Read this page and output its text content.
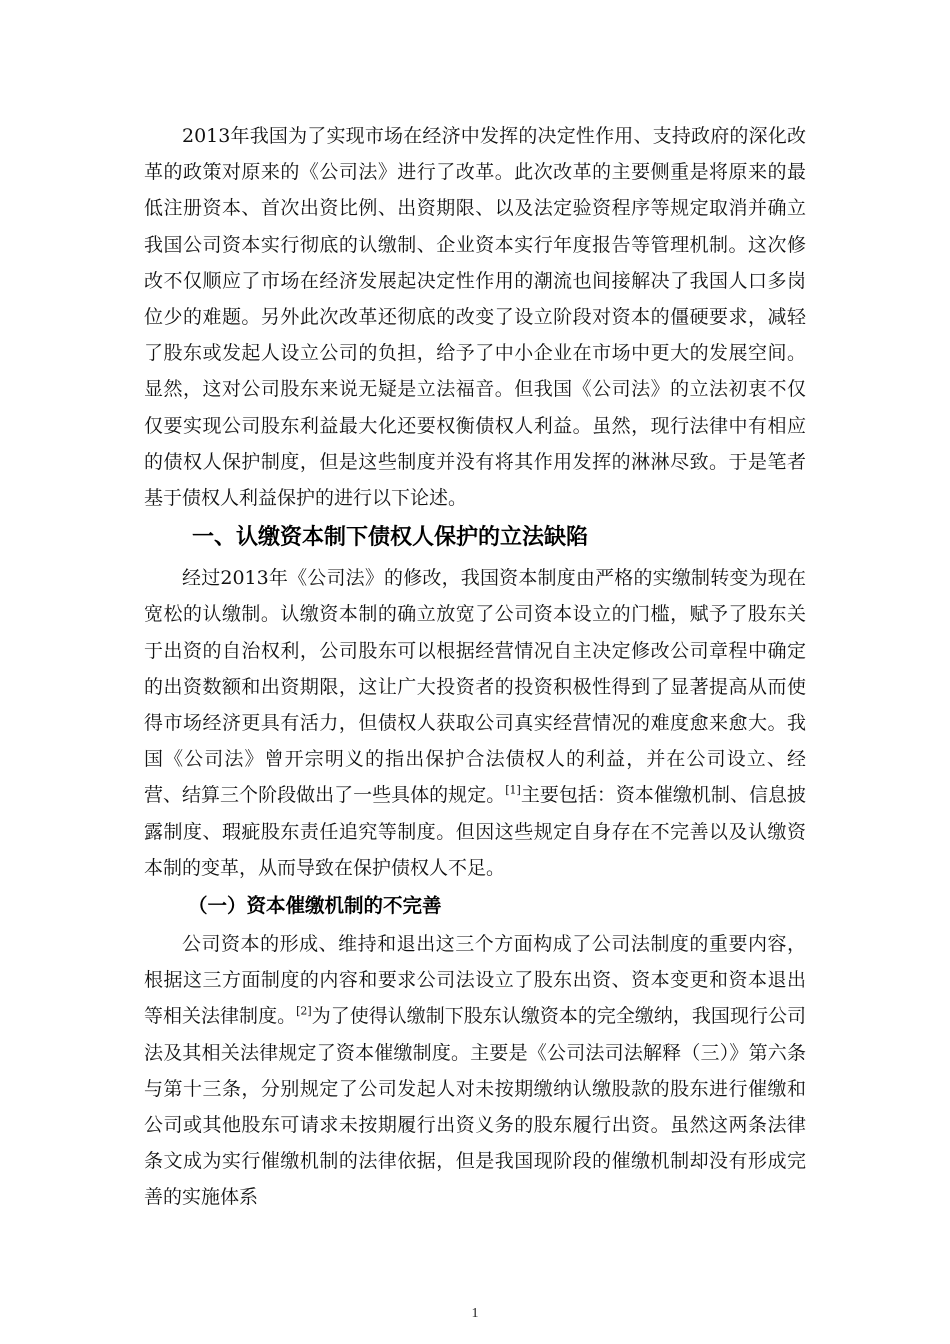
2013年我国为了实现市场在经济中发挥的决定性作用、支持政府的深化改革的政策对原来的《公司法》进行了改革。此次改革的主要侧重是将原来的最低注册资本、首次出资比例、出资期限、以及法定验资程序等规定取消并确立我国公司资本实行彻底的认缴制、企业资本实行年度报告等管理机制。这次修改不仅顺应了市场在经济发展起决定性作用的潮流也间接解决了我国人口多岗位少的难题。另外此次改革还彻底的改变了设立阶段对资本的僵硬要求，减轻了股东或发起人设立公司的负担，给予了中小企业在市场中更大的发展空间。显然，这对公司股东来说无疑是立法福音。但我国《公司法》的立法初衷不仅仅要实现公司股东利益最大化还要权衡债权人利益。虽然，现行法律中有相应的债权人保护制度，但是这些制度并没有将其作用发挥的淋淋尽致。于是笔者基于债权人利益保护的进行以下论述。

一、认缴资本制下债权人保护的立法缺陷

经过2013年《公司法》的修改，我国资本制度由严格的实缴制转变为现在宽松的认缴制。认缴资本制的确立放宽了公司资本设立的门槛，赋予了股东关于出资的自治权利，公司股东可以根据经营情况自主决定修改公司章程中确定的出资数额和出资期限，这让广大投资者的投资积极性得到了显著提高从而使得市场经济更具有活力，但债权人获取公司真实经营情况的难度愈来愈大。我国《公司法》曾开宗明义的指出保护合法债权人的利益，并在公司设立、经营、结算三个阶段做出了一些具体的规定。[1]主要包括：资本催缴机制、信息披露制度、瑕疵股东责任追究等制度。但因这些规定自身存在不完善以及认缴资本制的变革，从而导致在保护债权人不足。

（一）资本催缴机制的不完善

公司资本的形成、维持和退出这三个方面构成了公司法制度的重要内容，根据这三方面制度的内容和要求公司法设立了股东出资、资本变更和资本退出等相关法律制度。[2]为了使得认缴制下股东认缴资本的完全缴纳，我国现行公司法及其相关法律规定了资本催缴制度。主要是《公司法司法解释（三）》第六条与第十三条，分别规定了公司发起人对未按期缴纳认缴股款的股东进行催缴和公司或其他股东可请求未按期履行出资义务的股东履行出资。虽然这两条法律条文成为实行催缴机制的法律依据，但是我国现阶段的催缴机制却没有形成完善的实施体系

1
